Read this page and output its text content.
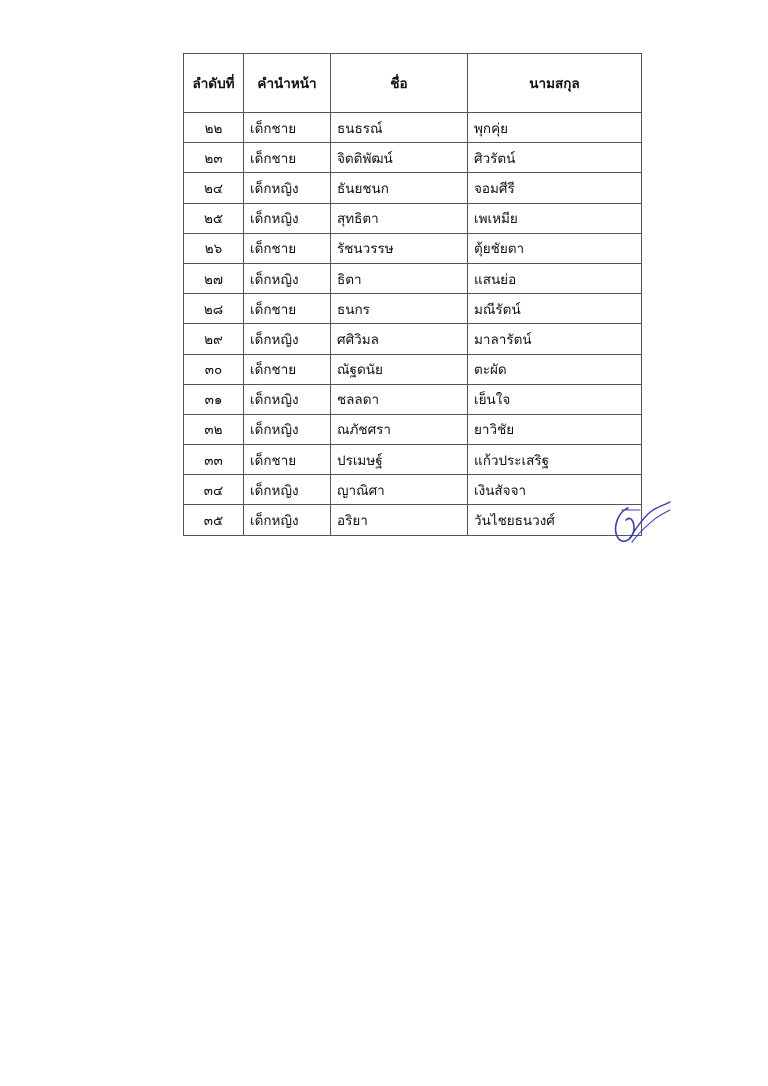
ลำดับที่	คำนำหน้า	ชื่อ	นามสกุล
๒๒	เด็กชาย	ธนธรณ์	พุกคุ่ย
๒๓	เด็กชาย	จิตติพัฒน์	ศิวรัตน์
๒๔	เด็กหญิง	ธันยชนก	จอมศีรี
๒๕	เด็กหญิง	สุทธิตา	เพเหมีย
๒๖	เด็กชาย	รัชนวรรษ	ตุ้ยชัยตา
๒๗	เด็กหญิง	ธิตา	แสนย่อ
๒๘	เด็กชาย	ธนกร	มณีรัตน์
๒๙	เด็กหญิง	ศศิวิมล	มาลารัตน์
๓๐	เด็กชาย	ณัฐดนัย	ตะผัด
๓๑	เด็กหญิง	ชลลดา	เย็นใจ
๓๒	เด็กหญิง	ณภัชศรา	ยาวิชัย
๓๓	เด็กชาย	ปรเมษฐ์	แก้วประเสริฐ
๓๔	เด็กหญิง	ญาณิศา	เงินสัจจา
๓๕	เด็กหญิง	อริยา	วันไชยธนวงศ์
